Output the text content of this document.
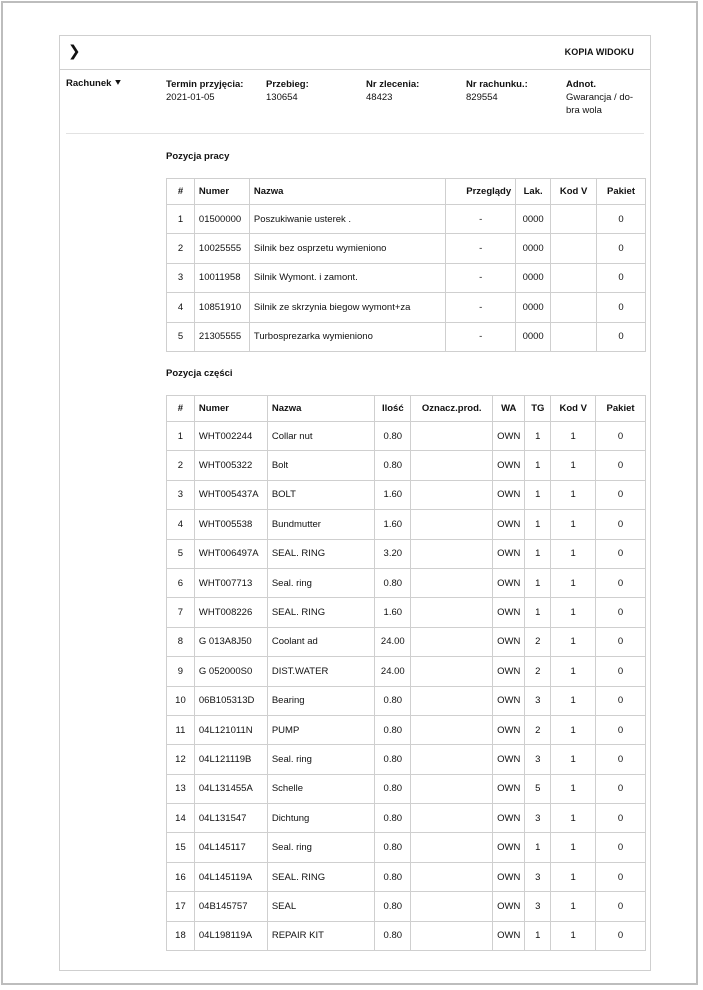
❯	KOPIA WIDOKU
Rachunek ⯆	Termin przyjęcia:
2021-01-05
Przebieg:
130654
Nr zlecenia:
48423
Nr rachunku.:
829554
Adnot.
Gwarancja / do-bra wola
Pozycja pracy
#	Numer	Nazwa	Przeglądy	Lak.	Kod V	Pakiet
1	01500000	Poszukiwanie usterek .	-	0000		0
2	10025555	Silnik bez osprzetu wymieniono	-	0000		0
3	10011958	Silnik Wymont. i zamont.	-	0000		0
4	10851910	Silnik ze skrzynia biegow wymont+za	-	0000		0
5	21305555	Turbosprezarka wymieniono	-	0000		0
Pozycja części
#	Numer	Nazwa	Ilość	Oznacz.prod.	WA	TG	Kod V	Pakiet
1	WHT002244	Collar nut	0.80		OWN	1	1	0
2	WHT005322	Bolt	0.80		OWN	1	1	0
3	WHT005437A	BOLT	1.60		OWN	1	1	0
4	WHT005538	Bundmutter	1.60		OWN	1	1	0
5	WHT006497A	SEAL. RING	3.20		OWN	1	1	0
6	WHT007713	Seal. ring	0.80		OWN	1	1	0
7	WHT008226	SEAL. RING	1.60		OWN	1	1	0
8	G 013A8J50	Coolant ad	24.00		OWN	2	1	0
9	G 052000S0	DIST.WATER	24.00		OWN	2	1	0
10	06B105313D	Bearing	0.80		OWN	3	1	0
11	04L121011N	PUMP	0.80		OWN	2	1	0
12	04L121119B	Seal. ring	0.80		OWN	3	1	0
13	04L131455A	Schelle	0.80		OWN	5	1	0
14	04L131547	Dichtung	0.80		OWN	3	1	0
15	04L145117	Seal. ring	0.80		OWN	1	1	0
16	04L145119A	SEAL. RING	0.80		OWN	3	1	0
17	04B145757	SEAL	0.80		OWN	3	1	0
18	04L198119A	REPAIR KIT	0.80		OWN	1	1	0
